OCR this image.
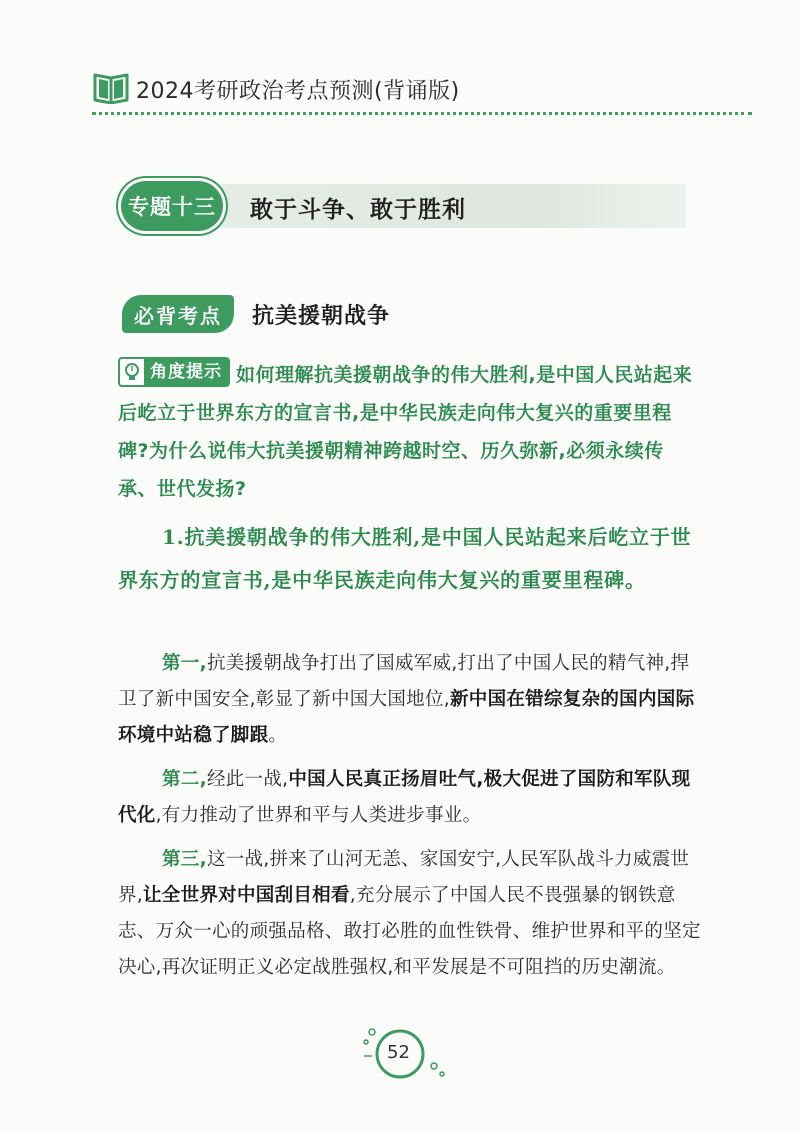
2024考研政治考点预测(背诵版)
专题十三	敢于斗争、敢于胜利
必背考点	抗美援朝战争
角度提示 如何理解抗美援朝战争的伟大胜利,是中国人民站起来后屹立于世界东方的宣言书,是中华民族走向伟大复兴的重要里程碑?为什么说伟大抗美援朝精神跨越时空、历久弥新,必须永续传承、世代发扬?
1.抗美援朝战争的伟大胜利,是中国人民站起来后屹立于世界东方的宣言书,是中华民族走向伟大复兴的重要里程碑。

第一,抗美援朝战争打出了国威军威,打出了中国人民的精气神,捍卫了新中国安全,彰显了新中国大国地位,新中国在错综复杂的国内国际环境中站稳了脚跟。

第二,经此一战,中国人民真正扬眉吐气,极大促进了国防和军队现代化,有力推动了世界和平与人类进步事业。

第三,这一战,拼来了山河无恙、家国安宁,人民军队战斗力威震世界,让全世界对中国刮目相看,充分展示了中国人民不畏强暴的钢铁意志、万众一心的顽强品格、敢打必胜的血性铁骨、维护世界和平的坚定决心,再次证明正义必定战胜强权,和平发展是不可阻挡的历史潮流。

52
